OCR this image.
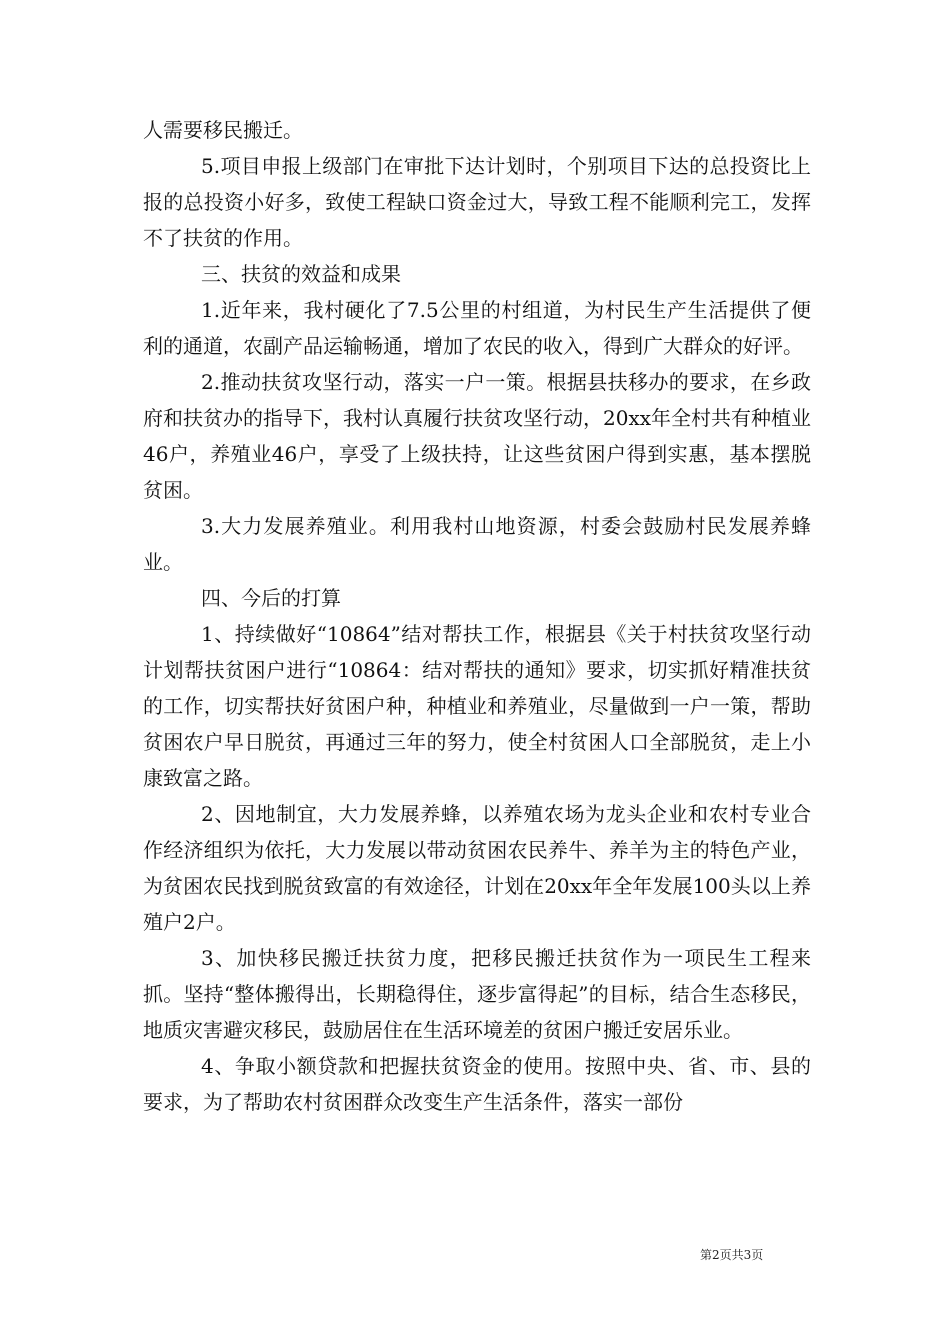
人需要移民搬迁。

5.项目申报上级部门在审批下达计划时，个别项目下达的总投资比上报的总投资小好多，致使工程缺口资金过大，导致工程不能顺利完工，发挥不了扶贫的作用。

三、扶贫的效益和成果

1.近年来，我村硬化了7.5公里的村组道，为村民生产生活提供了便利的通道，农副产品运输畅通，增加了农民的收入，得到广大群众的好评。

2.推动扶贫攻坚行动，落实一户一策。根据县扶移办的要求，在乡政府和扶贫办的指导下，我村认真履行扶贫攻坚行动，20xx年全村共有种植业46户，养殖业46户，享受了上级扶持，让这些贫困户得到实惠，基本摆脱贫困。

3.大力发展养殖业。利用我村山地资源，村委会鼓励村民发展养蜂业。

四、今后的打算

1、持续做好“10864”结对帮扶工作，根据县《关于村扶贫攻坚行动计划帮扶贫困户进行“10864：结对帮扶的通知》要求，切实抓好精准扶贫的工作，切实帮扶好贫困户种，种植业和养殖业，尽量做到一户一策，帮助贫困农户早日脱贫，再通过三年的努力，使全村贫困人口全部脱贫，走上小康致富之路。

2、因地制宜，大力发展养蜂，以养殖农场为龙头企业和农村专业合作经济组织为依托，大力发展以带动贫困农民养牛、养羊为主的特色产业，为贫困农民找到脱贫致富的有效途径，计划在20xx年全年发展100头以上养殖户2户。

3、加快移民搬迁扶贫力度，把移民搬迁扶贫作为一项民生工程来抓。坚持“整体搬得出，长期稳得住，逐步富得起”的目标，结合生态移民，地质灾害避灾移民，鼓励居住在生活环境差的贫困户搬迁安居乐业。

4、争取小额贷款和把握扶贫资金的使用。按照中央、省、市、县的要求，为了帮助农村贫困群众改变生产生活条件，落实一部份

第2页共3页
